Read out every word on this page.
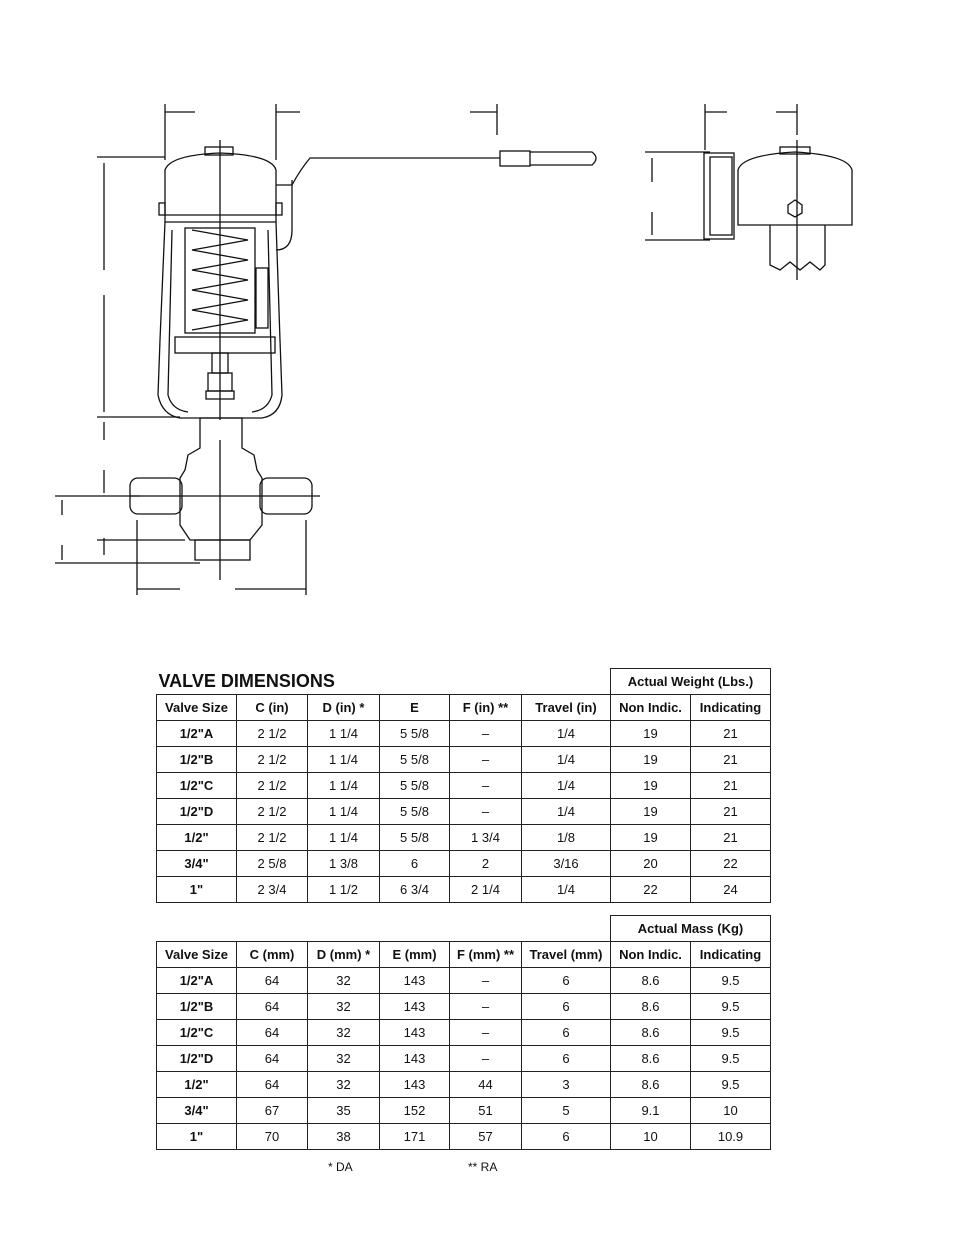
VALVE DIMENSIONS						Actual Weight (Lbs.)	
Valve Size	C (in)	D (in) *	E	F (in) **	Travel (in)	Non Indic.	Indicating
1/2"A	2 1/2	1 1/4	5 5/8	–	1/4	19	21
1/2"B	2 1/2	1 1/4	5 5/8	–	1/4	19	21
1/2"C	2 1/2	1 1/4	5 5/8	–	1/4	19	21
1/2"D	2 1/2	1 1/4	5 5/8	–	1/4	19	21
1/2"	2 1/2	1 1/4	5 5/8	1 3/4	1/8	19	21
3/4"	2 5/8	1 3/8	6	2	3/16	20	22
1"	2 3/4	1 1/2	6 3/4	2 1/4	1/4	22	24
						Actual Mass (Kg)	
Valve Size	C (mm)	D (mm) *	E (mm)	F (mm) **	Travel (mm)	Non Indic.	Indicating
1/2"A	64	32	143	–	6	8.6	9.5
1/2"B	64	32	143	–	6	8.6	9.5
1/2"C	64	32	143	–	6	8.6	9.5
1/2"D	64	32	143	–	6	8.6	9.5
1/2"	64	32	143	44	3	8.6	9.5
3/4"	67	35	152	51	5	9.1	10
1"	70	38	171	57	6	10	10.9
* DA	** RA
